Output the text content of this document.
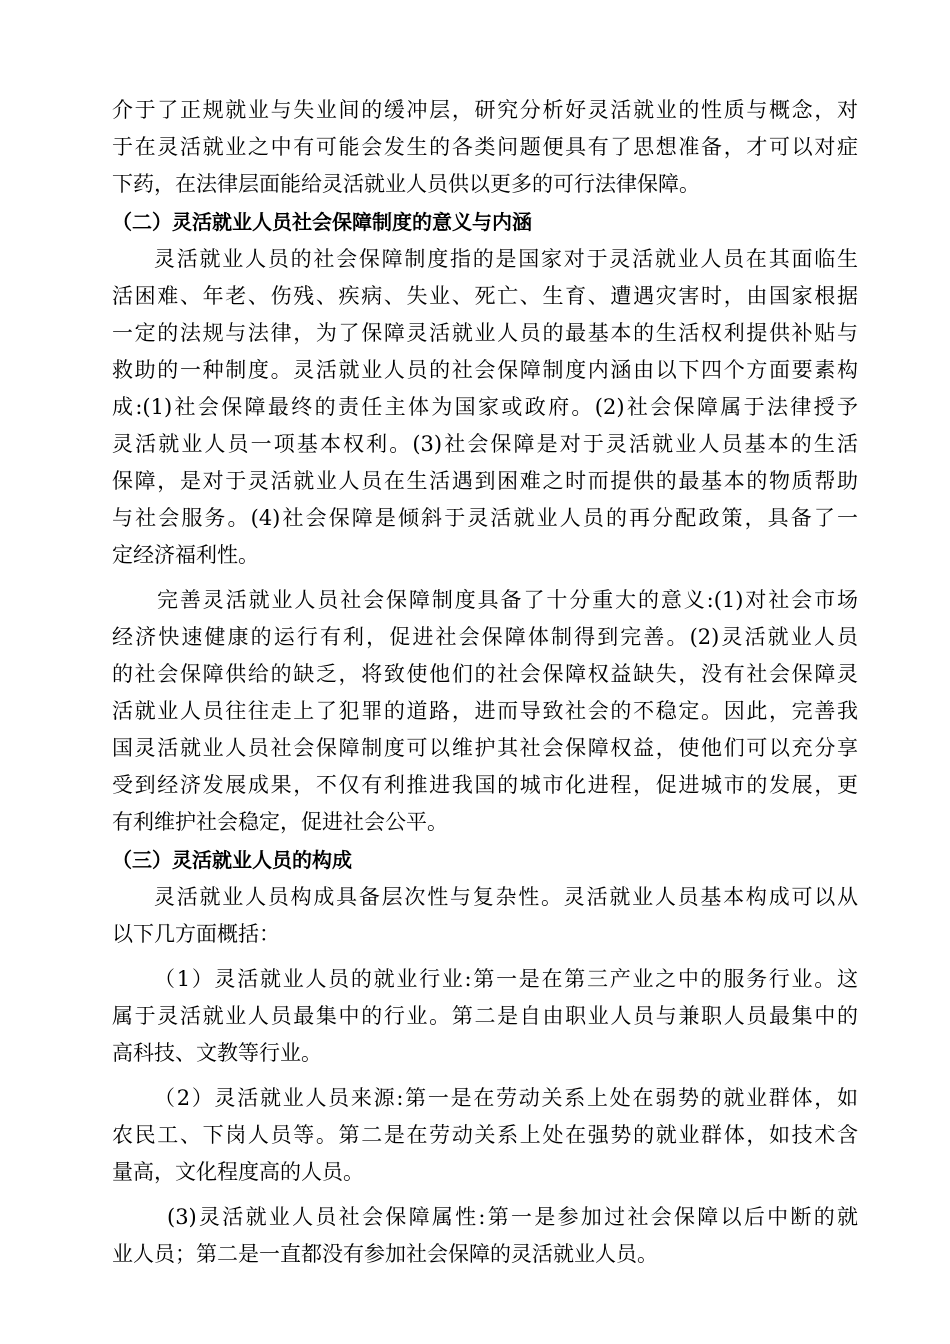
介于了正规就业与失业间的缓冲层，研究分析好灵活就业的性质与概念，对
于在灵活就业之中有可能会发生的各类问题便具有了思想准备，才可以对症
下药，在法律层面能给灵活就业人员供以更多的可行法律保障。
（二）灵活就业人员社会保障制度的意义与内涵
灵活就业人员的社会保障制度指的是国家对于灵活就业人员在其面临生
活困难、年老、伤残、疾病、失业、死亡、生育、遭遇灾害时，由国家根据
一定的法规与法律，为了保障灵活就业人员的最基本的生活权利提供补贴与
救助的一种制度。灵活就业人员的社会保障制度内涵由以下四个方面要素构
成:(1)社会保障最终的责任主体为国家或政府。(2)社会保障属于法律授予
灵活就业人员一项基本权利。(3)社会保障是对于灵活就业人员基本的生活
保障，是对于灵活就业人员在生活遇到困难之时而提供的最基本的物质帮助
与社会服务。(4)社会保障是倾斜于灵活就业人员的再分配政策，具备了一
定经济福利性。
完善灵活就业人员社会保障制度具备了十分重大的意义:(1)对社会市场
经济快速健康的运行有利，促进社会保障体制得到完善。(2)灵活就业人员
的社会保障供给的缺乏，将致使他们的社会保障权益缺失，没有社会保障灵
活就业人员往往走上了犯罪的道路，进而导致社会的不稳定。因此，完善我
国灵活就业人员社会保障制度可以维护其社会保障权益，使他们可以充分享
受到经济发展成果，不仅有利推进我国的城市化进程，促进城市的发展，更
有利维护社会稳定，促进社会公平。
（三）灵活就业人员的构成
灵活就业人员构成具备层次性与复杂性。灵活就业人员基本构成可以从
以下几方面概括：
（1）灵活就业人员的就业行业:第一是在第三产业之中的服务行业。这
属于灵活就业人员最集中的行业。第二是自由职业人员与兼职人员最集中的
高科技、文教等行业。
（2）灵活就业人员来源:第一是在劳动关系上处在弱势的就业群体，如
农民工、下岗人员等。第二是在劳动关系上处在强势的就业群体，如技术含
量高，文化程度高的人员。
(3)灵活就业人员社会保障属性:第一是参加过社会保障以后中断的就
业人员；第二是一直都没有参加社会保障的灵活就业人员。
